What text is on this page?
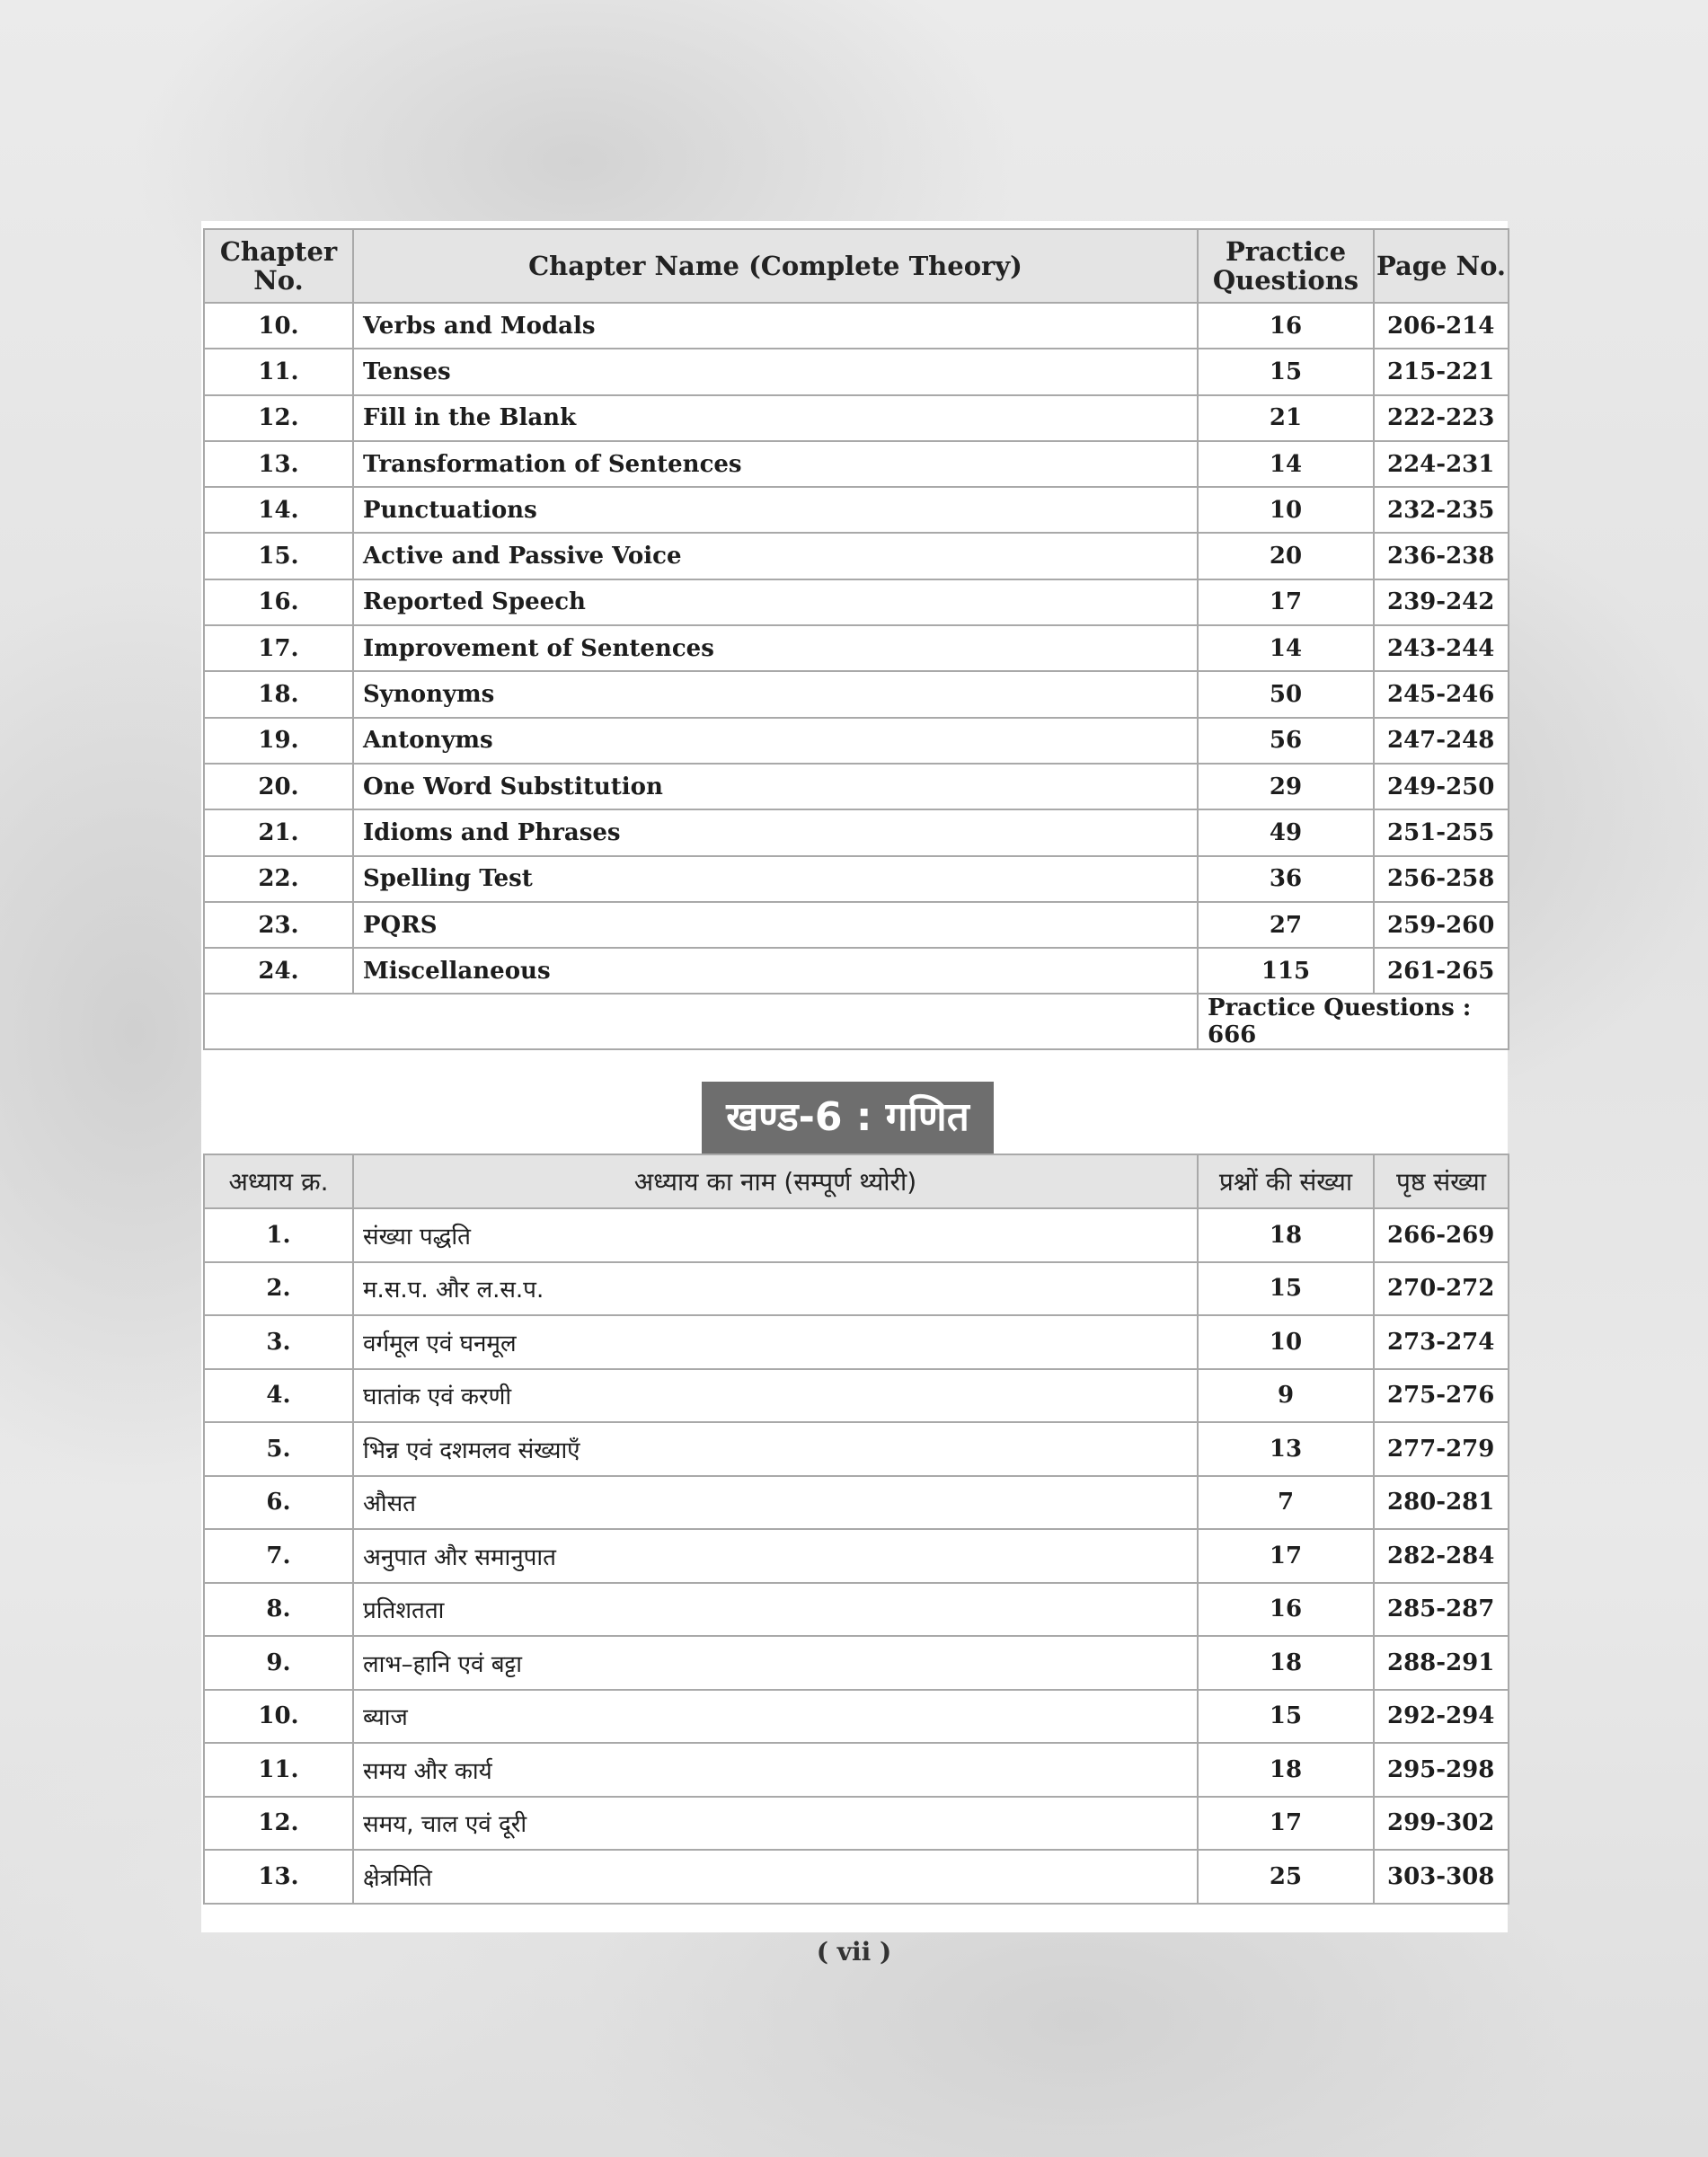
Chapter No.	Chapter Name (Complete Theory)	Practice Questions	Page No.
10.	Verbs and Modals	16	206-214
11.	Tenses	15	215-221
12.	Fill in the Blank	21	222-223
13.	Transformation of Sentences	14	224-231
14.	Punctuations	10	232-235
15.	Active and Passive Voice	20	236-238
16.	Reported Speech	17	239-242
17.	Improvement of Sentences	14	243-244
18.	Synonyms	50	245-246
19.	Antonyms	56	247-248
20.	One Word Substitution	29	249-250
21.	Idioms and Phrases	49	251-255
22.	Spelling Test	36	256-258
23.	PQRS	27	259-260
24.	Miscellaneous	115	261-265
		Practice Questions : 666	
खण्ड-6 : गणित
अध्याय क्र.	अध्याय का नाम (सम्पूर्ण थ्योरी)	प्रश्नों की संख्या	पृष्ठ संख्या
1.	संख्या पद्धति	18	266-269
2.	म.स.प. और ल.स.प.	15	270-272
3.	वर्गमूल एवं घनमूल	10	273-274
4.	घातांक एवं करणी	9	275-276
5.	भिन्न एवं दशमलव संख्याएँ	13	277-279
6.	औसत	7	280-281
7.	अनुपात और समानुपात	17	282-284
8.	प्रतिशतता	16	285-287
9.	लाभ–हानि एवं बट्टा	18	288-291
10.	ब्याज	15	292-294
11.	समय और कार्य	18	295-298
12.	समय, चाल एवं दूरी	17	299-302
13.	क्षेत्रमिति	25	303-308
( vii )
